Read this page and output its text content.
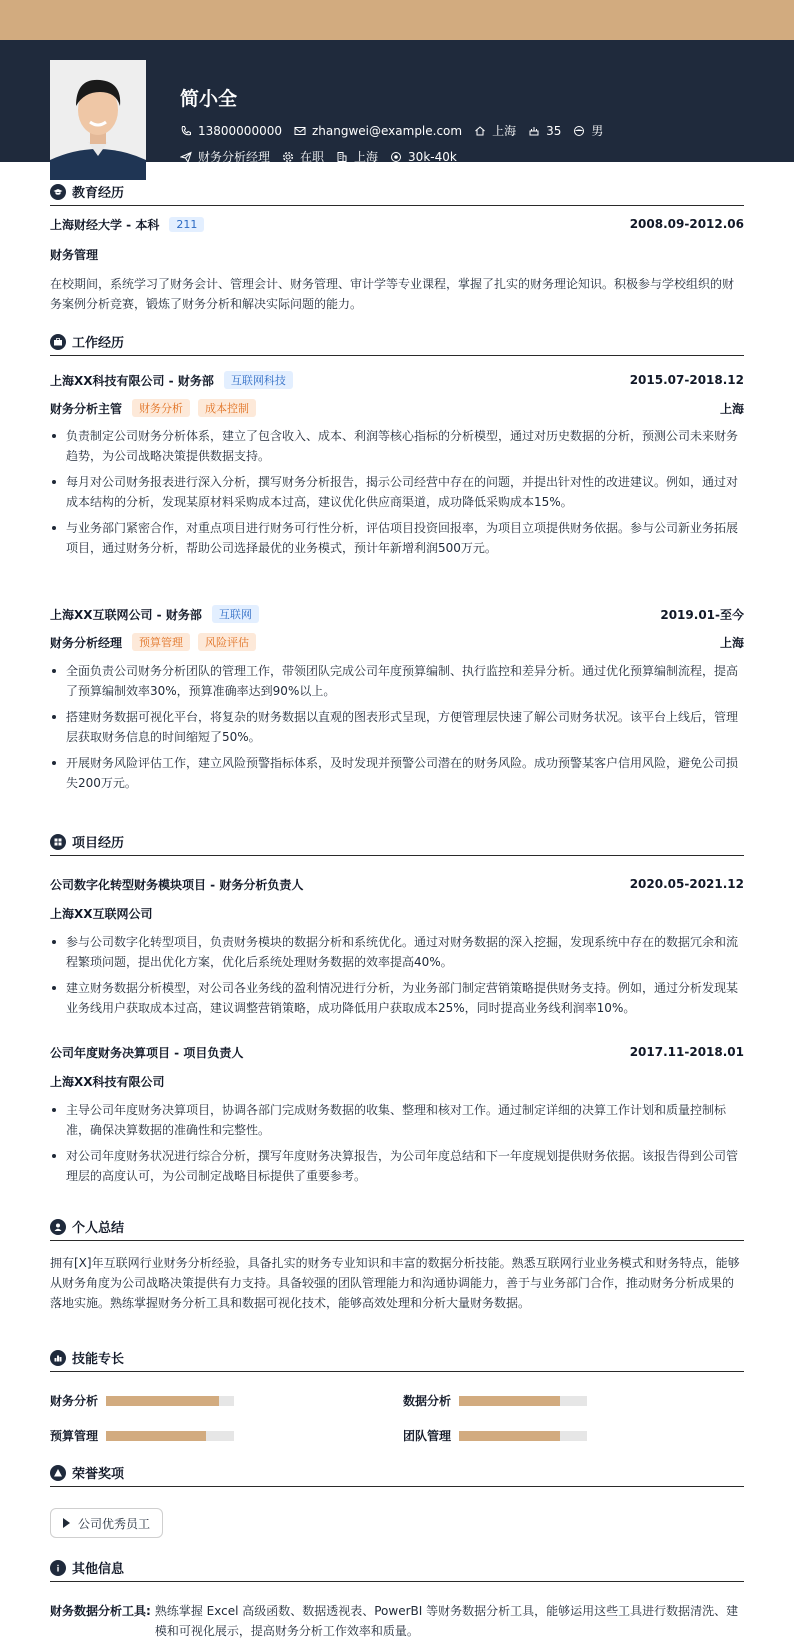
简小全
13800000000	zhangwei@example.com	上海	35	男
财务分析经理	在职	上海	30k-40k
教育经历
上海财经大学 - 本科	211	2008.09-2012.06
财务管理
在校期间，系统学习了财务会计、管理会计、财务管理、审计学等专业课程，掌握了扎实的财务理论知识。积极参与学校组织的财务案例分析竞赛，锻炼了财务分析和解决实际问题的能力。
工作经历
上海XX科技有限公司 - 财务部	互联网科技	2015.07-2018.12
财务分析主管	财务分析	成本控制	上海
负责制定公司财务分析体系，建立了包含收入、成本、利润等核心指标的分析模型，通过对历史数据的分析，预测公司未来财务趋势，为公司战略决策提供数据支持。
每月对公司财务报表进行深入分析，撰写财务分析报告，揭示公司经营中存在的问题，并提出针对性的改进建议。例如，通过对成本结构的分析，发现某原材料采购成本过高，建议优化供应商渠道，成功降低采购成本15%。
与业务部门紧密合作，对重点项目进行财务可行性分析，评估项目投资回报率，为项目立项提供财务依据。参与公司新业务拓展项目，通过财务分析，帮助公司选择最优的业务模式，预计年新增利润500万元。
上海XX互联网公司 - 财务部	互联网	2019.01-至今
财务分析经理	预算管理	风险评估	上海
全面负责公司财务分析团队的管理工作，带领团队完成公司年度预算编制、执行监控和差异分析。通过优化预算编制流程，提高了预算编制效率30%，预算准确率达到90%以上。
搭建财务数据可视化平台，将复杂的财务数据以直观的图表形式呈现，方便管理层快速了解公司财务状况。该平台上线后，管理层获取财务信息的时间缩短了50%。
开展财务风险评估工作，建立风险预警指标体系，及时发现并预警公司潜在的财务风险。成功预警某客户信用风险，避免公司损失200万元。
项目经历
公司数字化转型财务模块项目 - 财务分析负责人	2020.05-2021.12
上海XX互联网公司
参与公司数字化转型项目，负责财务模块的数据分析和系统优化。通过对财务数据的深入挖掘，发现系统中存在的数据冗余和流程繁琐问题，提出优化方案，优化后系统处理财务数据的效率提高40%。
建立财务数据分析模型，对公司各业务线的盈利情况进行分析，为业务部门制定营销策略提供财务支持。例如，通过分析发现某业务线用户获取成本过高，建议调整营销策略，成功降低用户获取成本25%，同时提高业务线利润率10%。
公司年度财务决算项目 - 项目负责人	2017.11-2018.01
上海XX科技有限公司
主导公司年度财务决算项目，协调各部门完成财务数据的收集、整理和核对工作。通过制定详细的决算工作计划和质量控制标准，确保决算数据的准确性和完整性。
对公司年度财务状况进行综合分析，撰写年度财务决算报告，为公司年度总结和下一年度规划提供财务依据。该报告得到公司管理层的高度认可，为公司制定战略目标提供了重要参考。
个人总结
拥有[X]年互联网行业财务分析经验，具备扎实的财务专业知识和丰富的数据分析技能。熟悉互联网行业业务模式和财务特点，能够从财务角度为公司战略决策提供有力支持。具备较强的团队管理能力和沟通协调能力，善于与业务部门合作，推动财务分析成果的落地实施。熟练掌握财务分析工具和数据可视化技术，能够高效处理和分析大量财务数据。
技能专长
财务分析	数据分析
预算管理	团队管理
荣誉奖项
公司优秀员工
其他信息
财务数据分析工具: 熟练掌握 Excel 高级函数、数据透视表、PowerBI 等财务数据分析工具，能够运用这些工具进行数据清洗、建模和可视化展示，提高财务分析工作效率和质量。
